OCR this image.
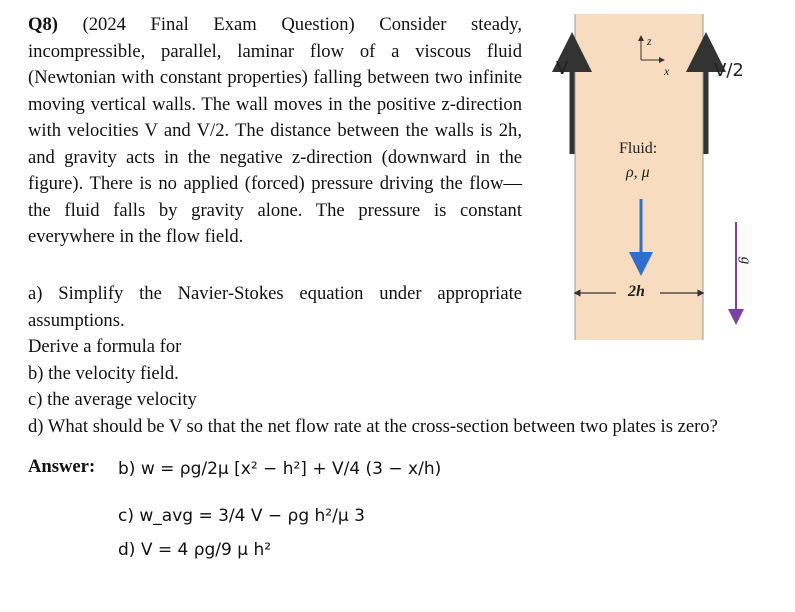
Q8) (2024 Final Exam Question) Consider steady, incompressible, parallel, laminar flow of a viscous fluid (Newtonian with constant properties) falling between two infinite moving vertical walls. The wall moves in the positive z-direction with velocities V and V/2. The distance between the walls is 2h, and gravity acts in the negative z-direction (downward in the figure). There is no applied (forced) pressure driving the flow—the fluid falls by gravity alone. The pressure is constant everywhere in the flow field.
a) Simplify the Navier-Stokes equation under appropriate assumptions.
Derive a formula for
b) the velocity field.
c) the average velocity
d) What should be V so that the net flow rate at the cross-section between two plates is zero?
Answer: b) w = ρg/2μ [x² − h²] + V/4 (3 − x/h)
c) w_avg = 3/4 V − ρg h²/μ 3
d) V = 4 ρg/9 μ h²
V	V/2
z
x
Fluid:
ρ, μ
2h
g
